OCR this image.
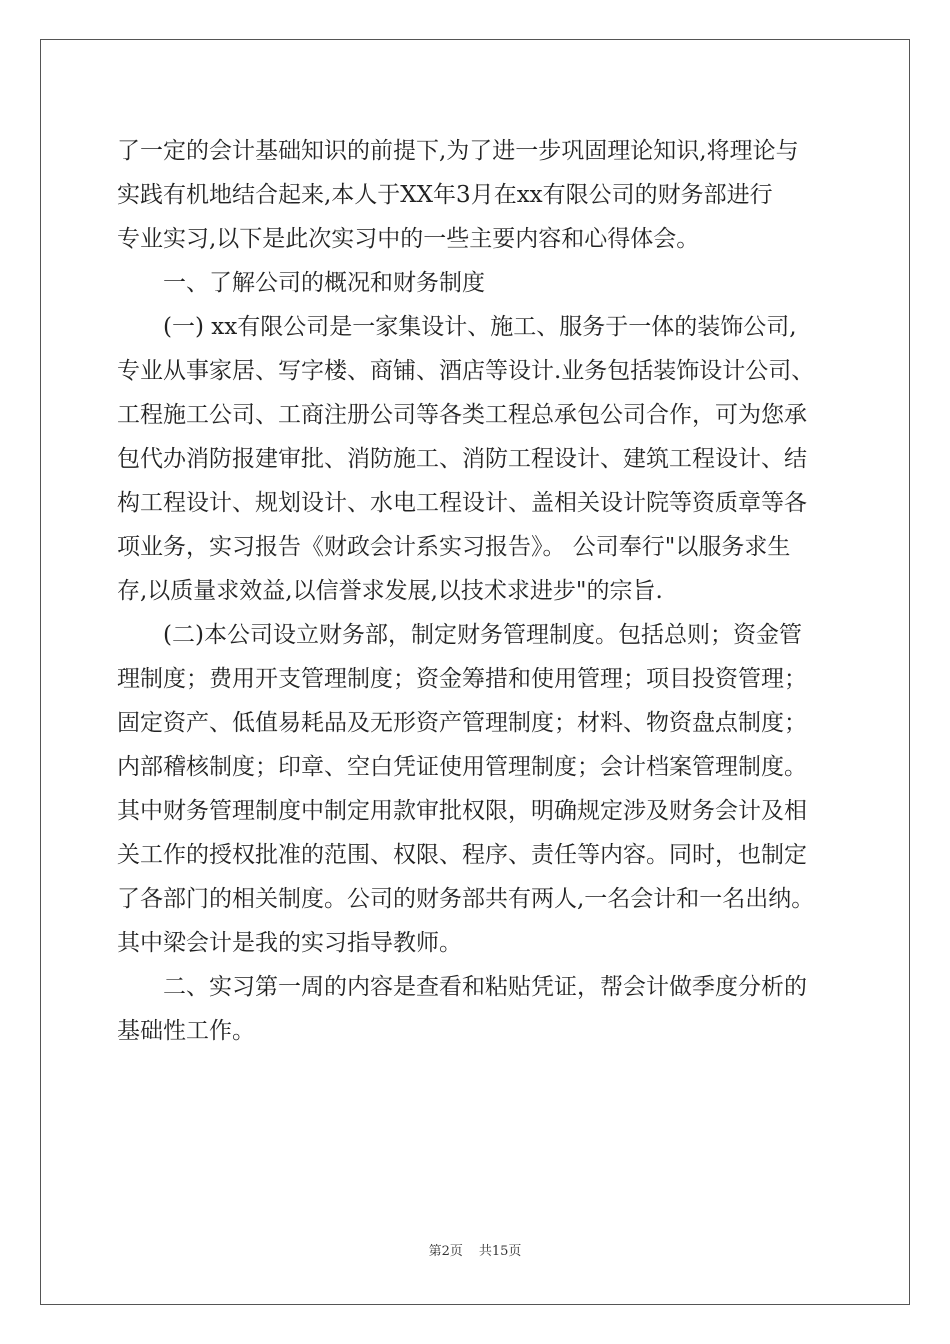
了一定的会计基础知识的前提下,为了进一步巩固理论知识,将理论与

实践有机地结合起来,本人于XX年3月在xx有限公司的财务部进行

专业实习,以下是此次实习中的一些主要内容和心得体会。

　　一、了解公司的概况和财务制度

　　(一) xx有限公司是一家集设计、施工、服务于一体的装饰公司,

专业从事家居、写字楼、商铺、酒店等设计.业务包括装饰设计公司、

工程施工公司、工商注册公司等各类工程总承包公司合作，可为您承

包代办消防报建审批、消防施工、消防工程设计、建筑工程设计、结

构工程设计、规划设计、水电工程设计、盖相关设计院等资质章等各

项业务，实习报告《财政会计系实习报告》。 公司奉行"以服务求生

存,以质量求效益,以信誉求发展,以技术求进步"的宗旨.

　　(二)本公司设立财务部，制定财务管理制度。包括总则；资金管

理制度；费用开支管理制度；资金筹措和使用管理；项目投资管理；

固定资产、低值易耗品及无形资产管理制度；材料、物资盘点制度；

内部稽核制度；印章、空白凭证使用管理制度；会计档案管理制度。

其中财务管理制度中制定用款审批权限，明确规定涉及财务会计及相

关工作的授权批准的范围、权限、程序、责任等内容。同时，也制定

了各部门的相关制度。公司的财务部共有两人,一名会计和一名出纳。

其中梁会计是我的实习指导教师。

　　二、实习第一周的内容是查看和粘贴凭证，帮会计做季度分析的

基础性工作。

第2页 共15页
